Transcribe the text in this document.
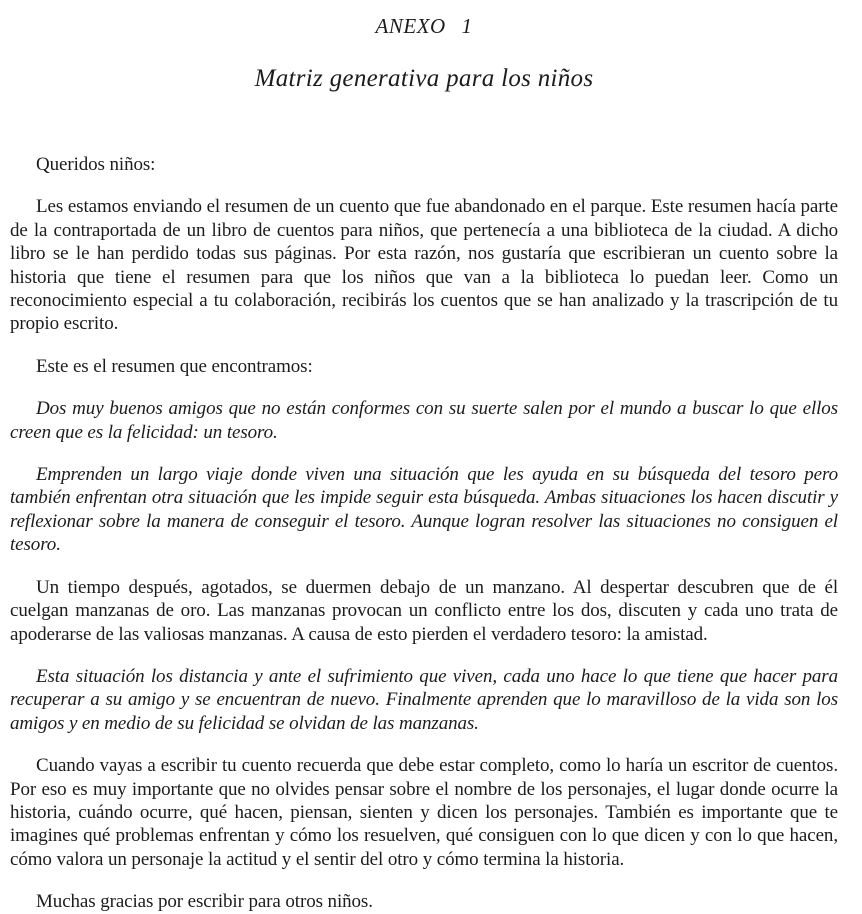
ANEXO 1
Matriz generativa para los niños

Queridos niños:

Les estamos enviando el resumen de un cuento que fue abandonado en el parque. Este resumen hacía parte de la contraportada de un libro de cuentos para niños, que pertenecía a una biblioteca de la ciudad. A dicho libro se le han perdido todas sus páginas. Por esta razón, nos gustaría que escribieran un cuento sobre la historia que tiene el resumen para que los niños que van a la biblioteca lo puedan leer. Como un reconocimiento especial a tu colaboración, recibirás los cuentos que se han analizado y la trascripción de tu propio escrito.

Este es el resumen que encontramos:

Dos muy buenos amigos que no están conformes con su suerte salen por el mundo a buscar lo que ellos creen que es la felicidad: un tesoro.

Emprenden un largo viaje donde viven una situación que les ayuda en su búsqueda del tesoro pero también enfrentan otra situación que les impide seguir esta búsqueda. Ambas situaciones los hacen discutir y reflexionar sobre la manera de conseguir el tesoro. Aunque logran resolver las situaciones no consiguen el tesoro.

Un tiempo después, agotados, se duermen debajo de un manzano. Al despertar descubren que de él cuelgan manzanas de oro. Las manzanas provocan un conflicto entre los dos, discuten y cada uno trata de apoderarse de las valiosas manzanas. A causa de esto pierden el verdadero tesoro: la amistad.

Esta situación los distancia y ante el sufrimiento que viven, cada uno hace lo que tiene que hacer para recuperar a su amigo y se encuentran de nuevo. Finalmente aprenden que lo maravilloso de la vida son los amigos y en medio de su felicidad se olvidan de las manzanas.

Cuando vayas a escribir tu cuento recuerda que debe estar completo, como lo haría un escritor de cuentos. Por eso es muy importante que no olvides pensar sobre el nombre de los personajes, el lugar donde ocurre la historia, cuándo ocurre, qué hacen, piensan, sienten y dicen los personajes. También es importante que te imagines qué problemas enfrentan y cómo los resuelven, qué consiguen con lo que dicen y con lo que hacen, cómo valora un personaje la actitud y el sentir del otro y cómo termina la historia.

Muchas gracias por escribir para otros niños.
